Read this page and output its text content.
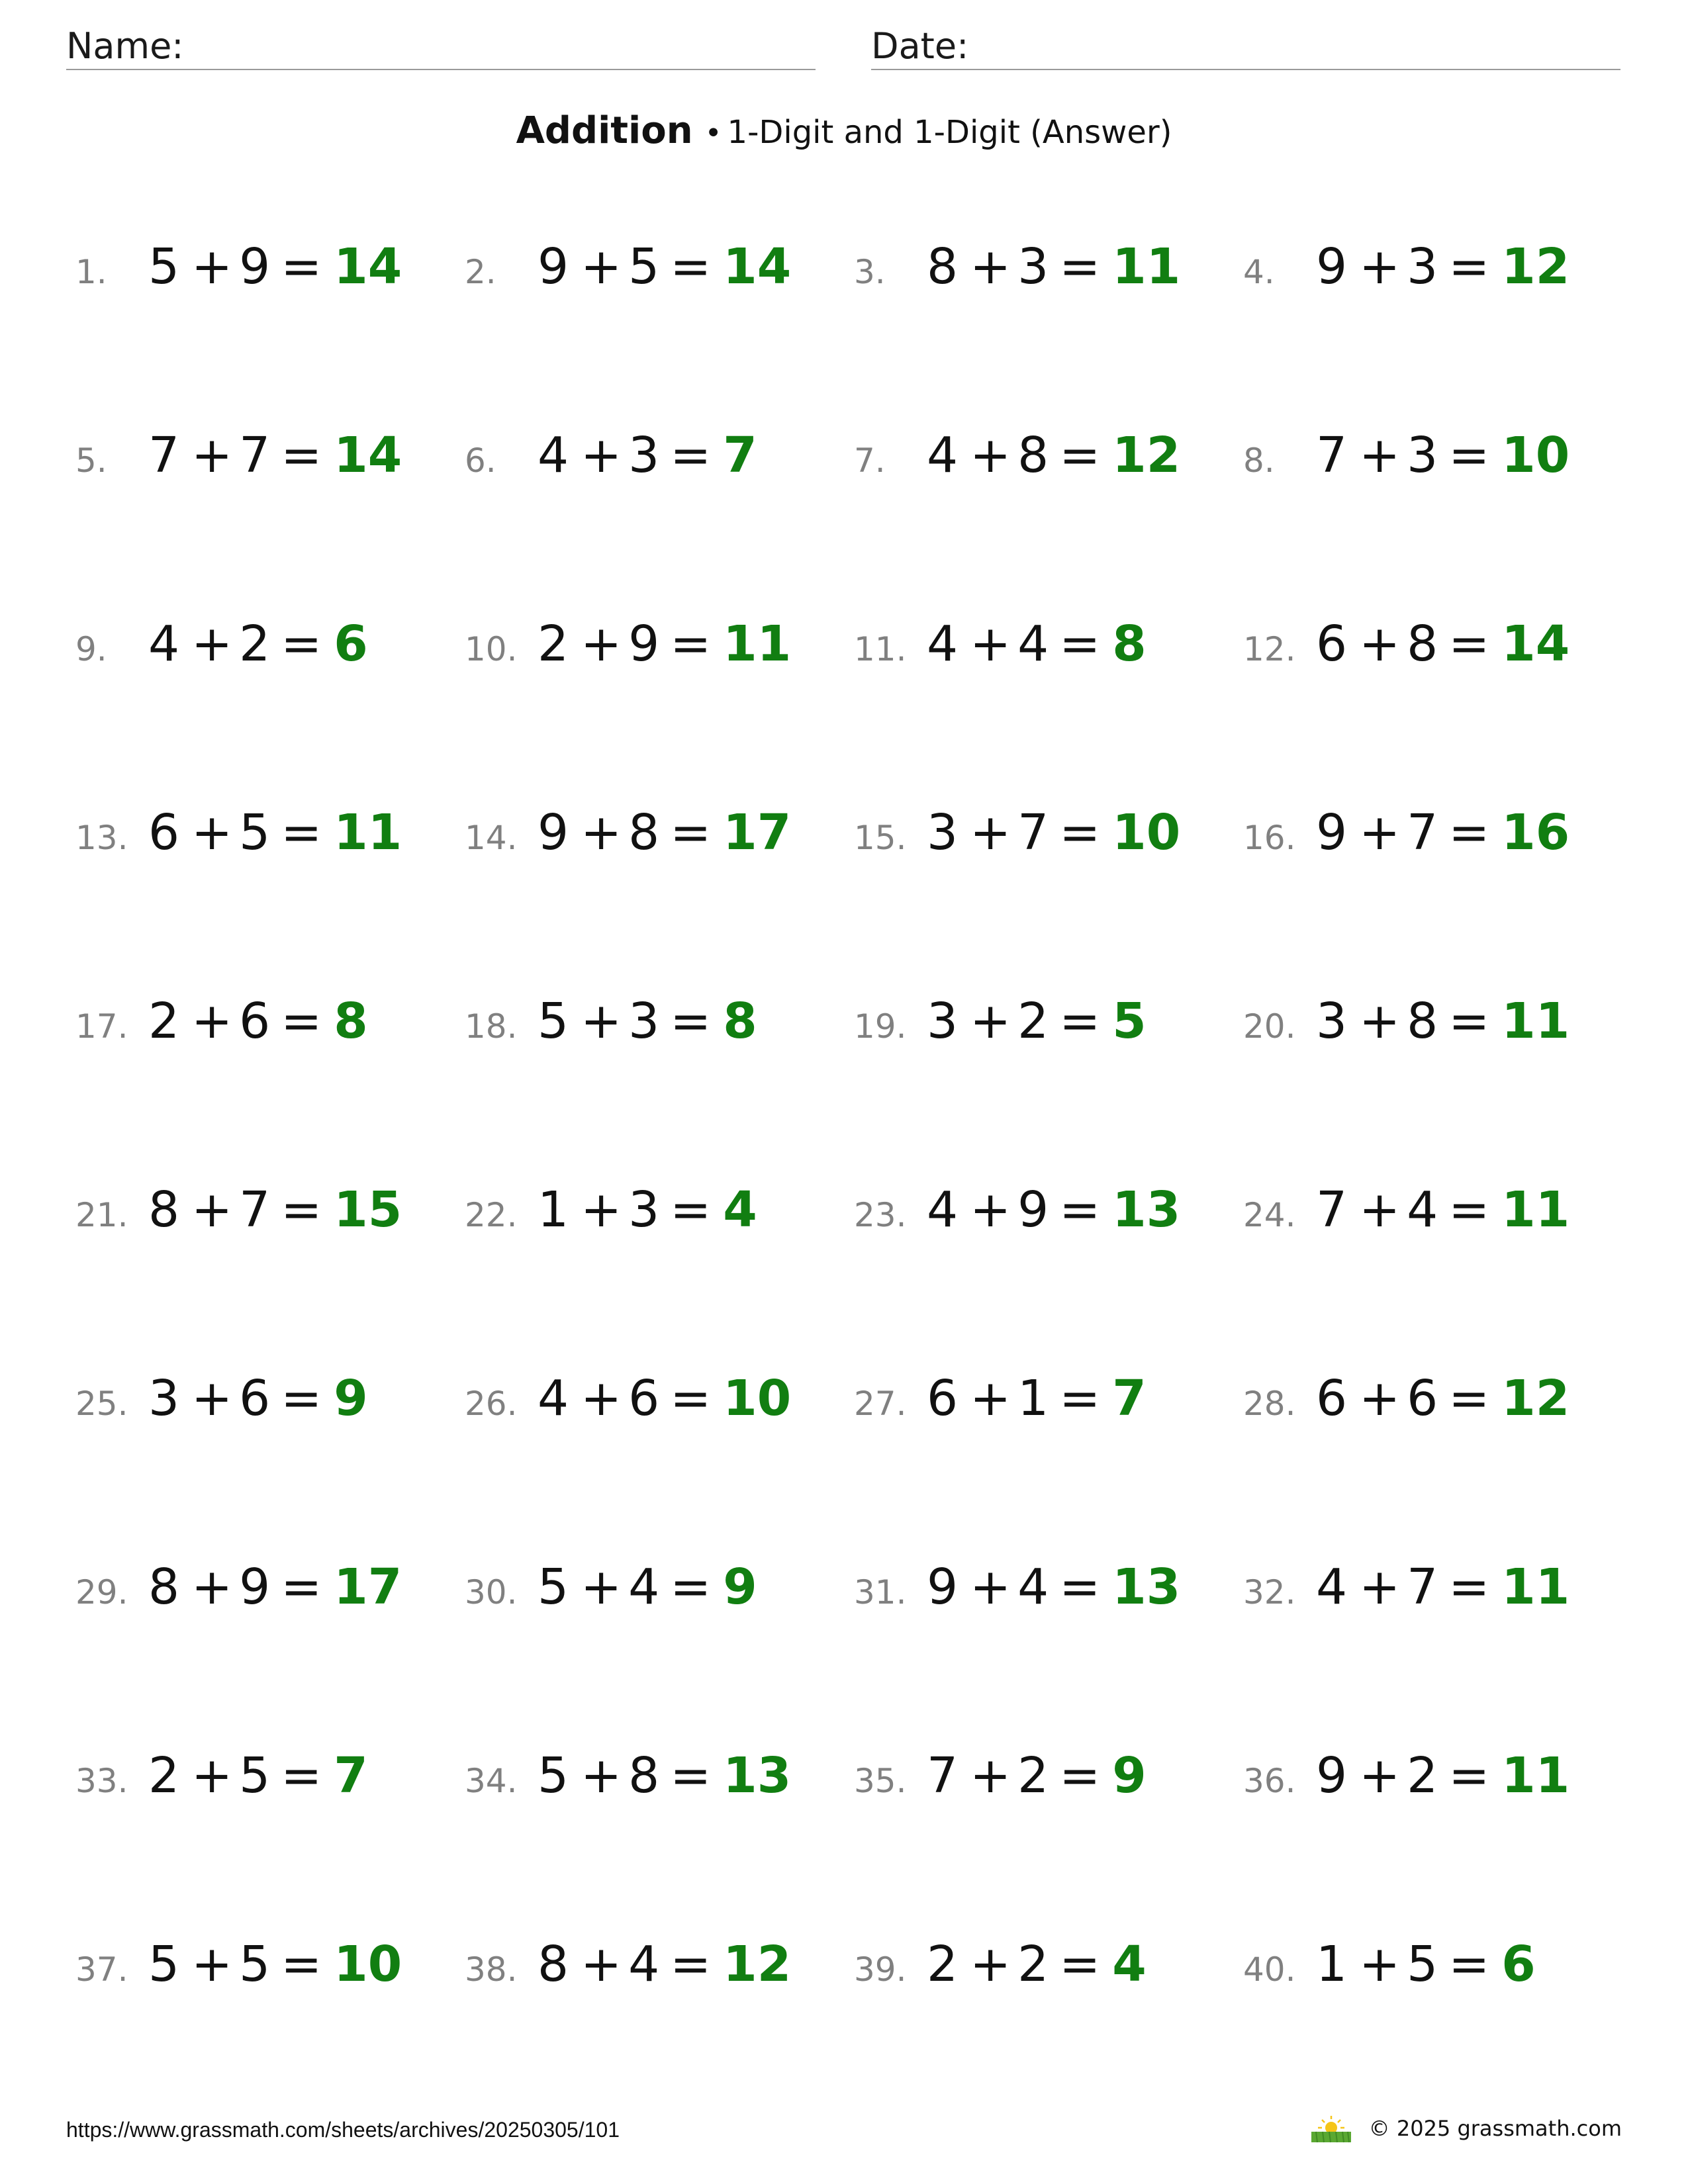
Name:	Date:
Addition • 1-Digit and 1-Digit (Answer)
1. 5 + 9 = 14 2. 9 + 5 = 14 3. 8 + 3 = 11 4. 9 + 3 = 12
5. 7 + 7 = 14 6. 4 + 3 = 7	7. 4 + 8 = 12 8. 7 + 3 = 10
9. 4 + 2 = 6	10. 2 + 9 = 11 11. 4 + 4 = 8	12. 6 + 8 = 14
13. 6 + 5 = 11 14. 9 + 8 = 17 15. 3 + 7 = 10 16. 9 + 7 = 16
17. 2 + 6 = 8	18. 5 + 3 = 8	19. 3 + 2 = 5	20. 3 + 8 = 11
21. 8 + 7 = 15 22. 1 + 3 = 4	23. 4 + 9 = 13 24. 7 + 4 = 11
25. 3 + 6 = 9	26. 4 + 6 = 10 27. 6 + 1 = 7	28. 6 + 6 = 12
29. 8 + 9 = 17 30. 5 + 4 = 9	31. 9 + 4 = 13 32. 4 + 7 = 11
33. 2 + 5 = 7	34. 5 + 8 = 13 35. 7 + 2 = 9	36. 9 + 2 = 11
37. 5 + 5 = 10 38. 8 + 4 = 12 39. 2 + 2 = 4	40. 1 + 5 = 6
https://www.grassmath.com/sheets/archives/20250305/101	© 2025 grassmath.com
